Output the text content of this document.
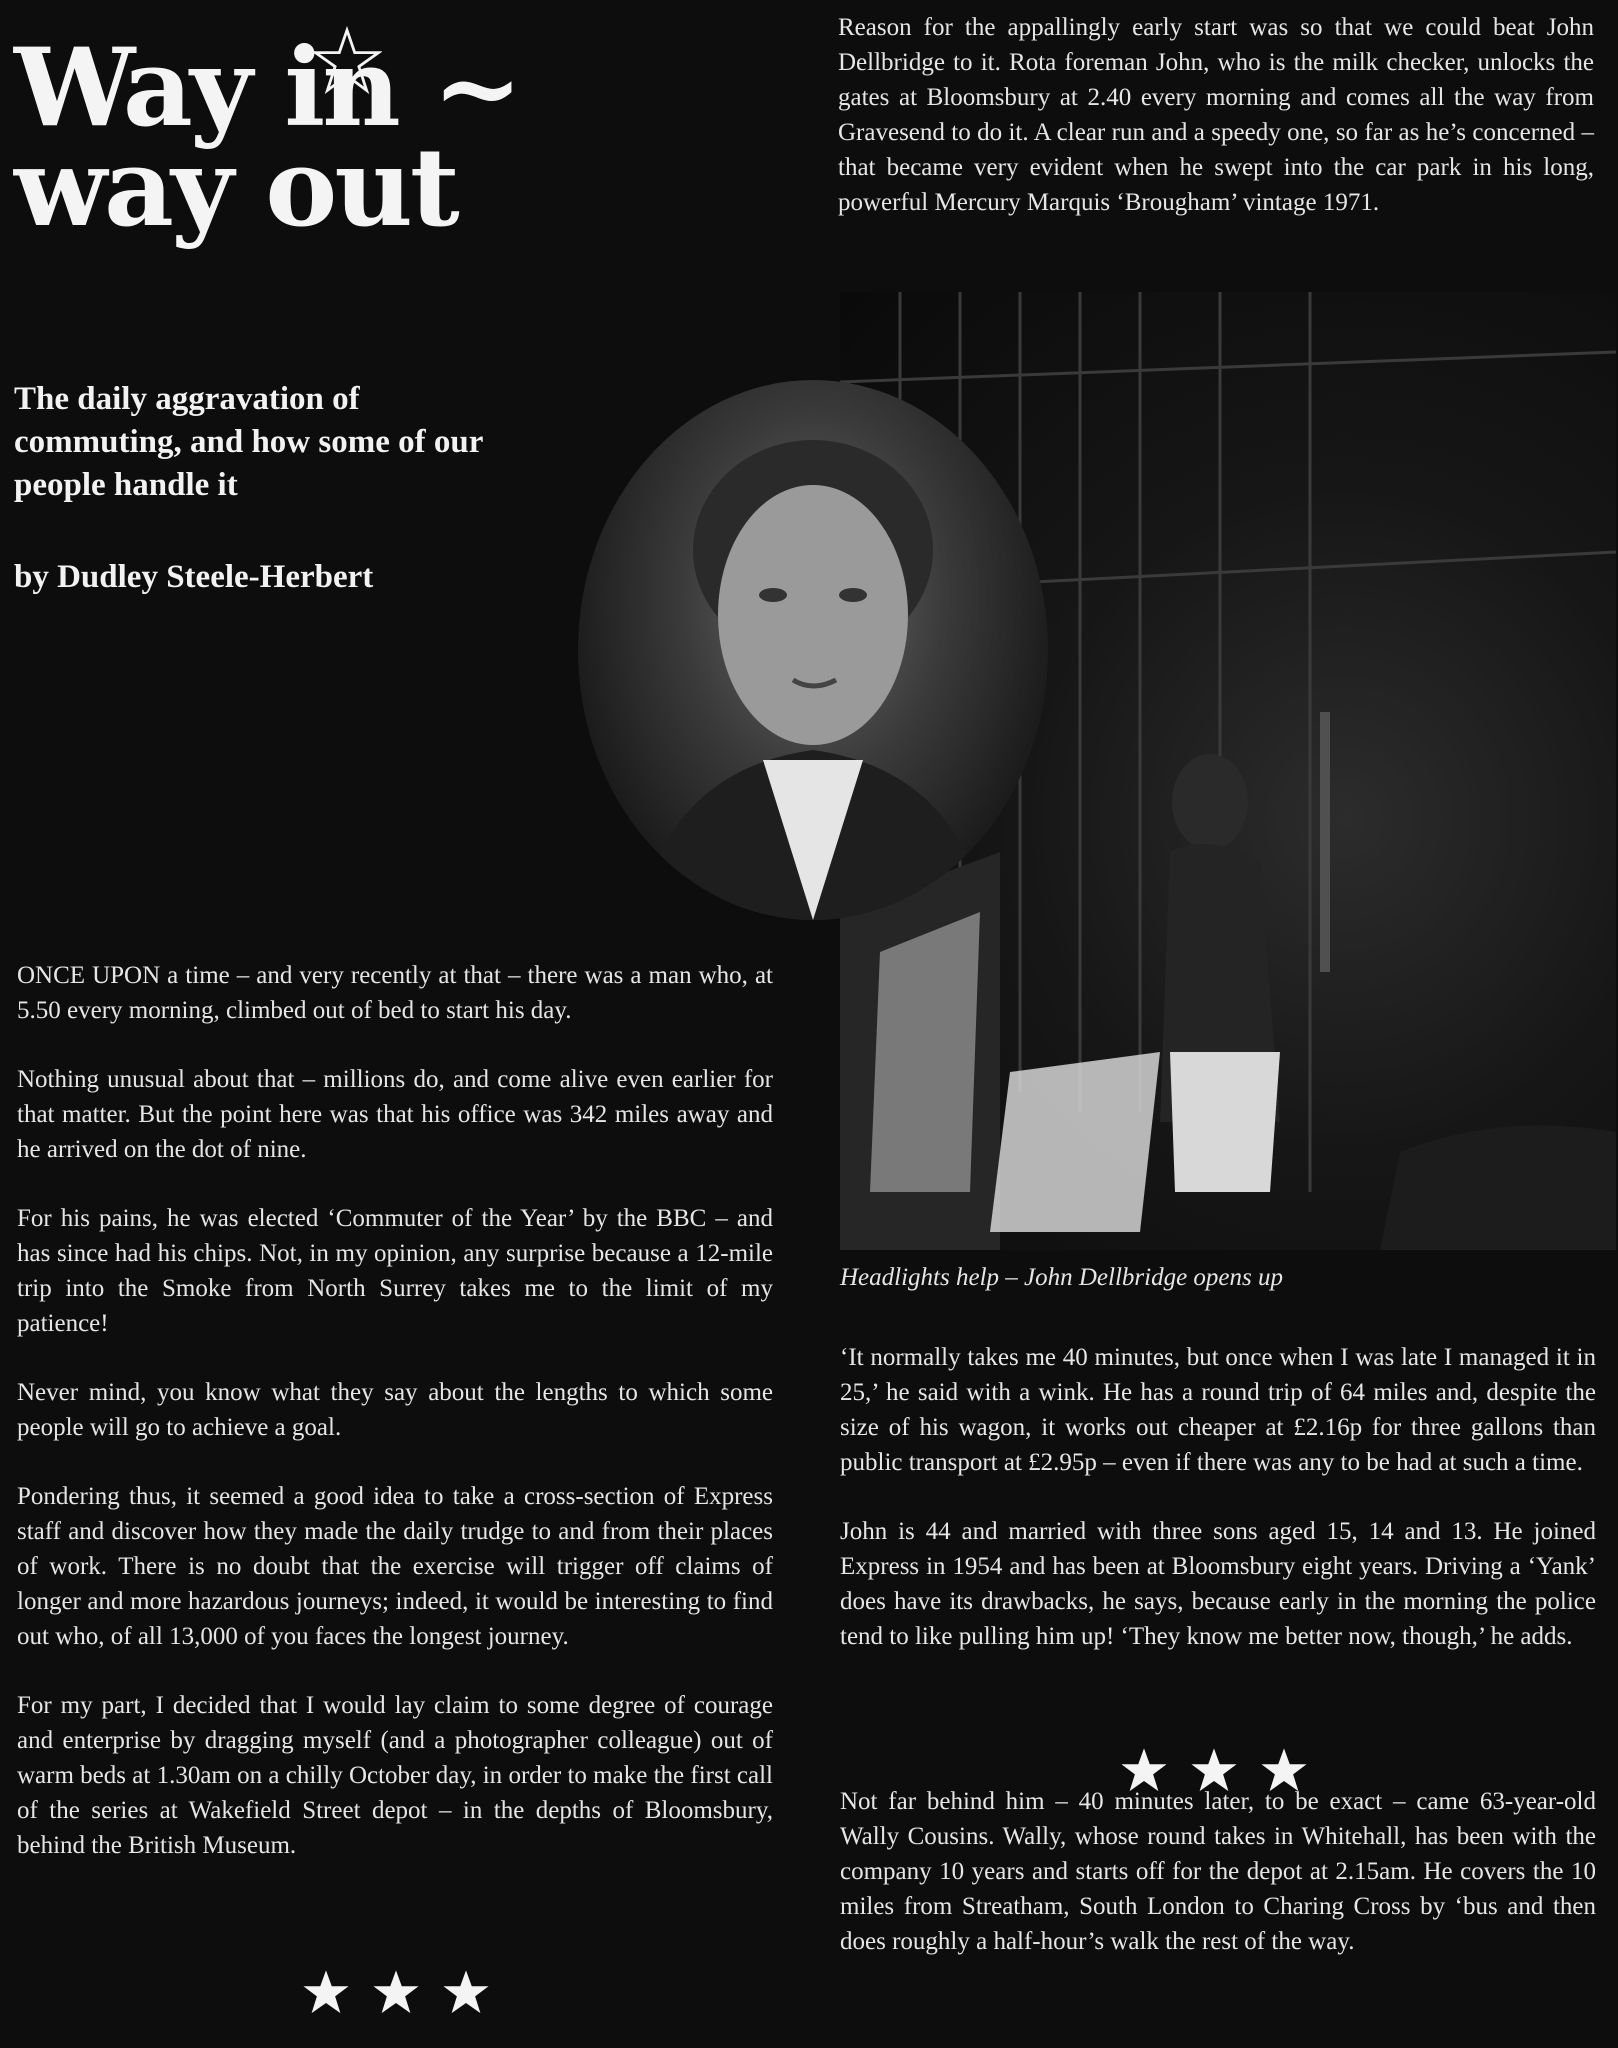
Way in ~
way out

The daily aggravation of commuting, and how some of our people handle it

by Dudley Steele-Herbert

Headlights help – John Dellbridge opens up

Reason for the appallingly early start was so that we could beat John Dellbridge to it. Rota foreman John, who is the milk checker, unlocks the gates at Bloomsbury at 2.40 every morning and comes all the way from Gravesend to do it. A clear run and a speedy one, so far as he’s concerned – that became very evident when he swept into the car park in his long, powerful Mercury Marquis ‘Brougham’ vintage 1971.

ONCE UPON a time – and very recently at that – there was a man who, at 5.50 every morning, climbed out of bed to start his day.

Nothing unusual about that – millions do, and come alive even earlier for that matter. But the point here was that his office was 342 miles away and he arrived on the dot of nine.

For his pains, he was elected ‘Commuter of the Year’ by the BBC – and has since had his chips. Not, in my opinion, any surprise because a 12-mile trip into the Smoke from North Surrey takes me to the limit of my patience!

Never mind, you know what they say about the lengths to which some people will go to achieve a goal.

Pondering thus, it seemed a good idea to take a cross-section of Express staff and discover how they made the daily trudge to and from their places of work. There is no doubt that the exercise will trigger off claims of longer and more hazardous journeys; indeed, it would be interesting to find out who, of all 13,000 of you faces the longest journey.

For my part, I decided that I would lay claim to some degree of courage and enterprise by dragging myself (and a photographer colleague) out of warm beds at 1.30am on a chilly October day, in order to make the first call of the series at Wakefield Street depot – in the depths of Bloomsbury, behind the British Museum.

‘It normally takes me 40 minutes, but once when I was late I managed it in 25,’ he said with a wink. He has a round trip of 64 miles and, despite the size of his wagon, it works out cheaper at £2.16p for three gallons than public transport at £2.95p – even if there was any to be had at such a time.

John is 44 and married with three sons aged 15, 14 and 13. He joined Express in 1954 and has been at Bloomsbury eight years. Driving a ‘Yank’ does have its drawbacks, he says, because early in the morning the police tend to like pulling him up! ‘They know me better now, though,’ he adds.

Not far behind him – 40 minutes later, to be exact – came 63-year-old Wally Cousins. Wally, whose round takes in Whitehall, has been with the company 10 years and starts off for the depot at 2.15am. He covers the 10 miles from Streatham, South London to Charing Cross by ‘bus and then does roughly a half-hour’s walk the rest of the way.
